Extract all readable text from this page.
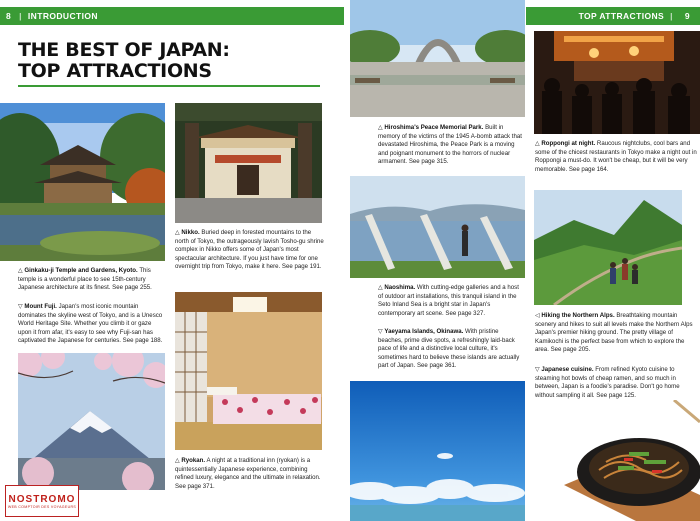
8 | INTRODUCTION	TOP ATTRACTIONS |	9
THE BEST OF JAPAN:
TOP ATTRACTIONS
△ Ginkaku-ji Temple and Gardens, Kyoto. This temple is a wonderful place to see 15th-century Japanese architecture at its finest. See page 255.
▽ Mount Fuji. Japan's most iconic mountain dominates the skyline west of Tokyo, and is a Unesco World Heritage Site. Whether you climb it or gaze upon it from afar, it's easy to see why Fuji-san has captivated the Japanese for centuries. See page 188.
△ Nikko. Buried deep in forested mountains to the north of Tokyo, the outrageously lavish Tosho-gu shrine complex in Nikko offers some of Japan's most spectacular architecture. If you just have time for one overnight trip from Tokyo, make it here. See page 191.
△ Ryokan. A night at a traditional inn (ryokan) is a quintessentially Japanese experience, combining refined luxury, elegance and the ultimate in relaxation. See page 371.
△ Hiroshima's Peace Memorial Park. Built in memory of the victims of the 1945 A-bomb attack that devastated Hiroshima, the Peace Park is a moving and poignant monument to the horrors of nuclear armament. See page 315.
△ Naoshima. With cutting-edge galleries and a host of outdoor art installations, this tranquil island in the Seto Inland Sea is a bright star in Japan's contemporary art scene. See page 327.
▽ Yaeyama Islands, Okinawa. With pristine beaches, prime dive spots, a refreshingly laid-back pace of life and a distinctive local culture, it's sometimes hard to believe these islands are actually part of Japan. See page 361.
△ Roppongi at night. Raucous nightclubs, cool bars and some of the chicest restaurants in Tokyo make a night out in Roppongi a must-do. It won't be cheap, but it will be very memorable. See page 164.
◁ Hiking the Northern Alps. Breathtaking mountain scenery and hikes to suit all levels make the Northern Alps Japan's premier hiking ground. The pretty village of Kamikochi is the perfect base from which to explore the area. See page 205.
▽ Japanese cuisine. From refined Kyoto cuisine to steaming hot bowls of cheap ramen, and so much in between, Japan is a foodie's paradise. Don't go home without sampling it all. See page 125.
NOSTROMO
WEB COMPTOIR DES VOYAGEURS
